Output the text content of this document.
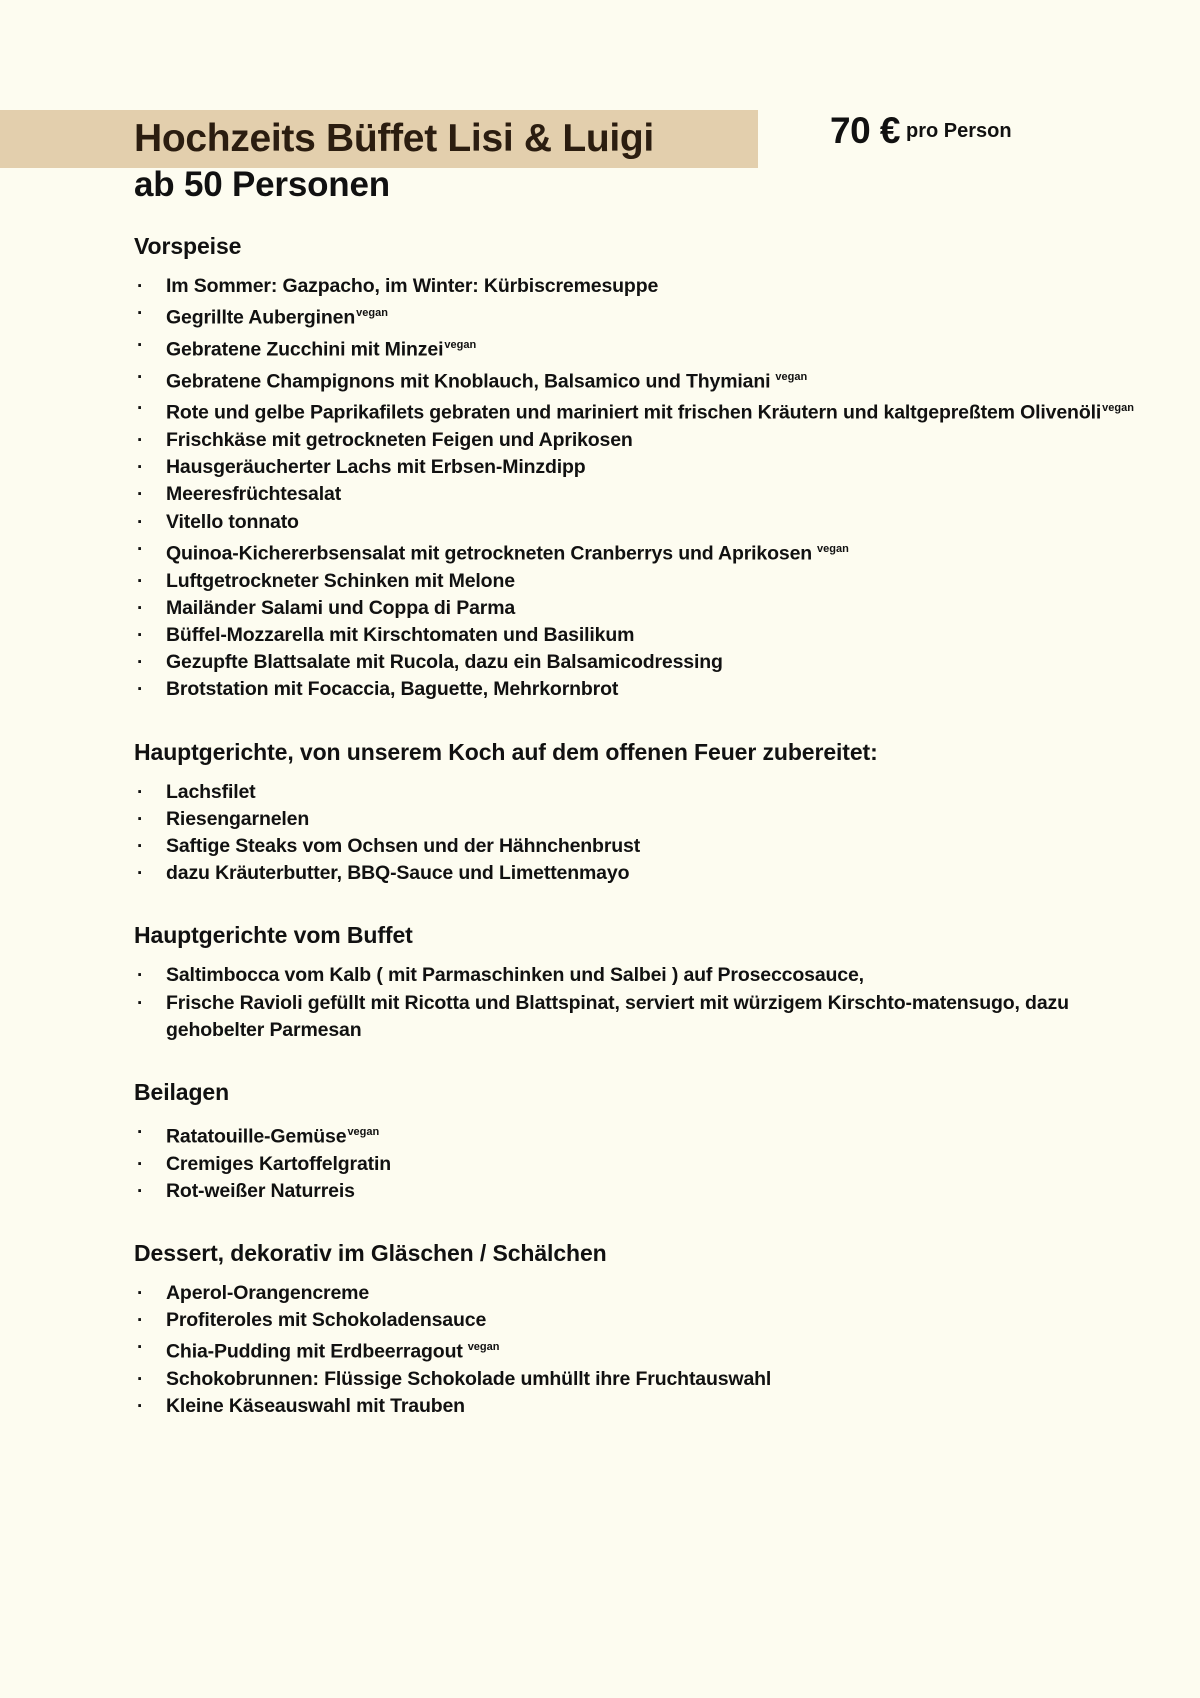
Hochzeits Büffet Lisi & Luigi	70 € pro Person
ab 50 Personen
Vorspeise
· Im Sommer: Gazpacho, im Winter: Kürbiscremesuppe
· Gegrillte Auberginen$^{vegan}$
· Gebratene Zucchini mit Minzei$^{vegan}$
· Gebratene Champignons mit Knoblauch, Balsamico und Thymiani $^{vegan}$
· Rote und gelbe Paprikafilets gebraten und mariniert mit frischen Kräutern und kaltgepreßtem Olivenöli$^{vegan}$
· Frischkäse mit getrockneten Feigen und Aprikosen
· Hausgeräucherter Lachs mit Erbsen-Minzdipp
· Meeresfrüchtesalat
· Vitello tonnato
· Quinoa-Kichererbsensalat mit getrockneten Cranberrys und Aprikosen $^{vegan}$
· Luftgetrockneter Schinken mit Melone
· Mailänder Salami und Coppa di Parma
· Büffel-Mozzarella mit Kirschtomaten und Basilikum
· Gezupfte Blattsalate mit Rucola, dazu ein Balsamicodressing
· Brotstation mit Focaccia, Baguette, Mehrkornbrot
Hauptgerichte, von unserem Koch auf dem offenen Feuer zubereitet:
· Lachsfilet
· Riesengarnelen
· Saftige Steaks vom Ochsen und der Hähnchenbrust
· dazu Kräuterbutter, BBQ-Sauce und Limettenmayo
Hauptgerichte vom Buffet
· Saltimbocca vom Kalb ( mit Parmaschinken und Salbei ) auf Proseccosauce,
· Frische Ravioli gefüllt mit Ricotta und Blattspinat, serviert mit würzigem Kirschto-matensugo, dazu gehobelter Parmesan
Beilagen
· Ratatouille-Gemüse$^{vegan}$
· Cremiges Kartoffelgratin
· Rot-weißer Naturreis
Dessert, dekorativ im Gläschen / Schälchen
· Aperol-Orangencreme
· Profiteroles mit Schokoladensauce
· Chia-Pudding mit Erdbeerragout $^{vegan}$
· Schokobrunnen: Flüssige Schokolade umhüllt ihre Fruchtauswahl
· Kleine Käseauswahl mit Trauben
